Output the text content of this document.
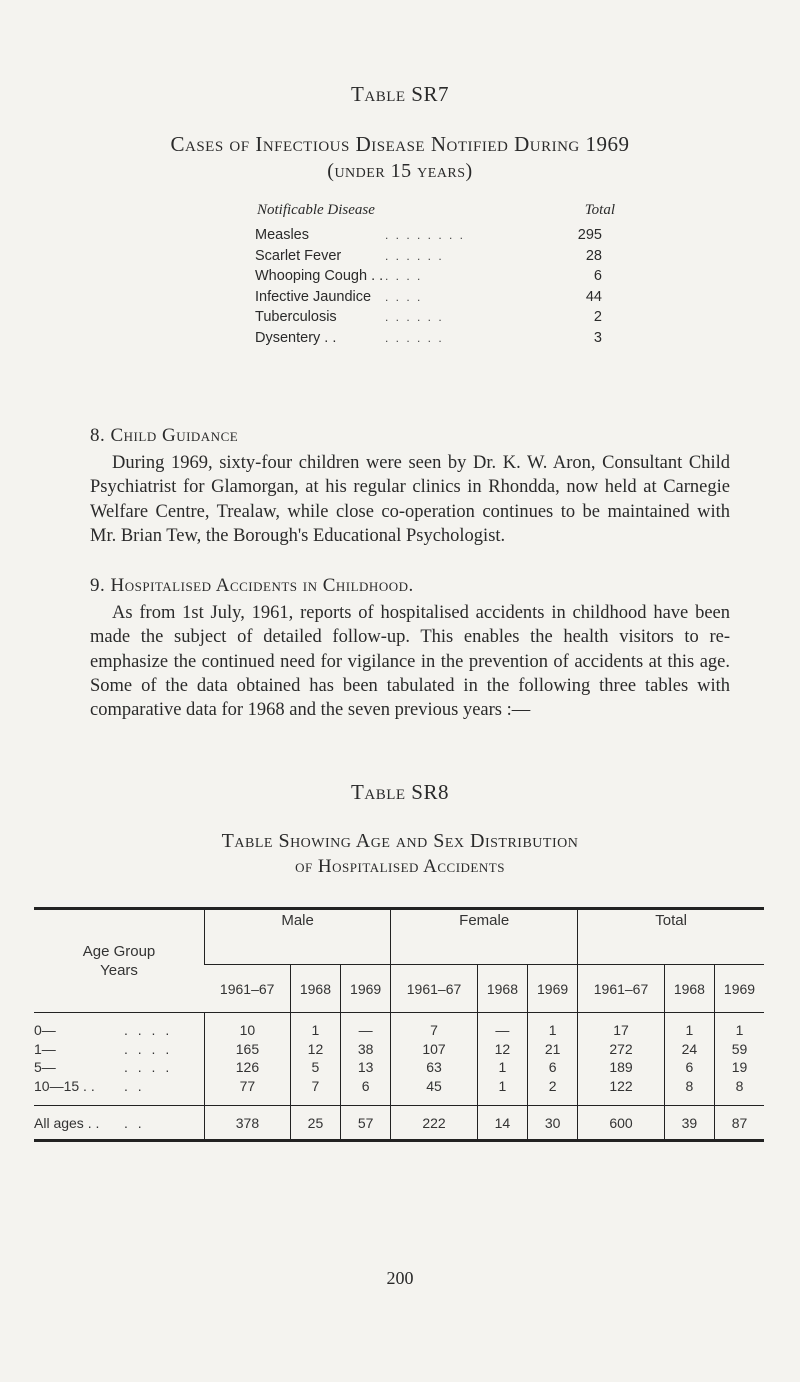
Table SR7
Cases of Infectious Disease Notified During 1969
(under 15 years)
Notificable Disease	Total
Measles	. . . . . . . .	295
Scarlet Fever	. . . . . .	28
Whooping Cough . . . . . .	6
Infective Jaundice	. . . .	44
Tuberculosis	. . . . . .	2
Dysentery . .	. . . . . .	3
8. Child Guidance
During 1969, sixty-four children were seen by Dr. K. W. Aron, Consultant Child Psychiatrist for Glamorgan, at his regular clinics in Rhondda, now held at Carnegie Welfare Centre, Trealaw, while close co-operation continues to be maintained with Mr. Brian Tew, the Borough's Educational Psychologist.
9. Hospitalised Accidents in Childhood.
As from 1st July, 1961, reports of hospitalised accidents in childhood have been made the subject of detailed follow-up. This enables the health visitors to re-emphasize the continued need for vigilance in the prevention of accidents at this age. Some of the data obtained has been tabulated in the following three tables with comparative data for 1968 and the seven previous years :—
Table SR8
Table Showing Age and Sex Distribution
of Hospitalised Accidents
Age Group
Years	Male			Female			Total		
	1961–67	1968	1969	1961–67	1968	1969	1961–67	1968	1969
0— . . . .	10	1	—	7	—	1	17	1	1
1— . . . .	165	12	38	107	12	21	272	24	59
5— . . . .	126	5	13	63	1	6	189	6	19
10—15 . . . .	77	7	6	45	1	2	122	8	8
All ages . . . .	378	25	57	222	14	30	600	39	87
200
